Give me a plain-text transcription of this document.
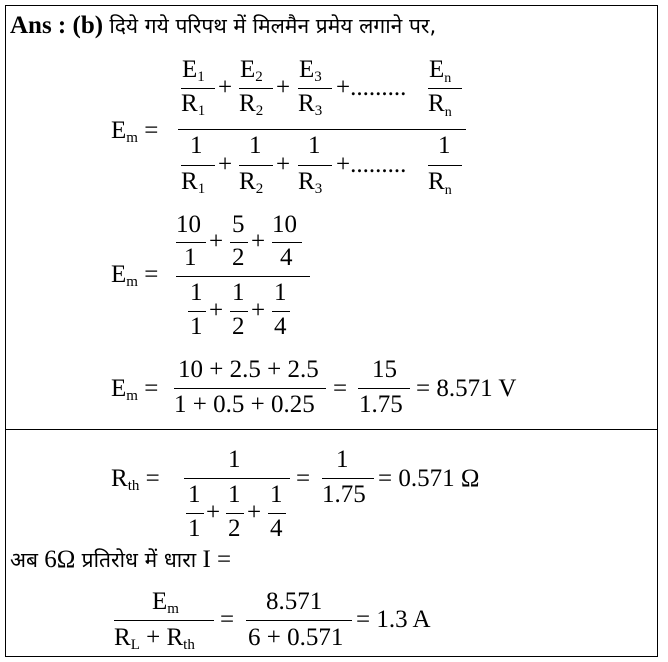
Ans : (b) दिये गये परिपथ में मिलमैन प्रमेय लगाने पर,
$E_m$ =
$E_1$
$R_1$
+
$E_2$
$R_2$
+
$E_3$
$R_3$
+.........
$E_n$
$R_n$
1
$R_1$
+
1
$R_2$
+
1
$R_3$
+.........
1
$R_n$
$E_m$ =
10
1
+
5
2
+
10
4
1
1
+
1
2
+
1
4
$E_m$ =
10 + 2.5 + 2.5
1 + 0.5 + 0.25
=
15
1.75
= 8.571 V
$R_{th}$ =
1
1
1
+
1
2
+
1
4
=
1
1.75
= 0.571 Ω
अब 6Ω प्रतिरोध में धारा I =
$E_m$
$R_L + R_{th}$
=
8.571
6 + 0.571
= 1.3 A
